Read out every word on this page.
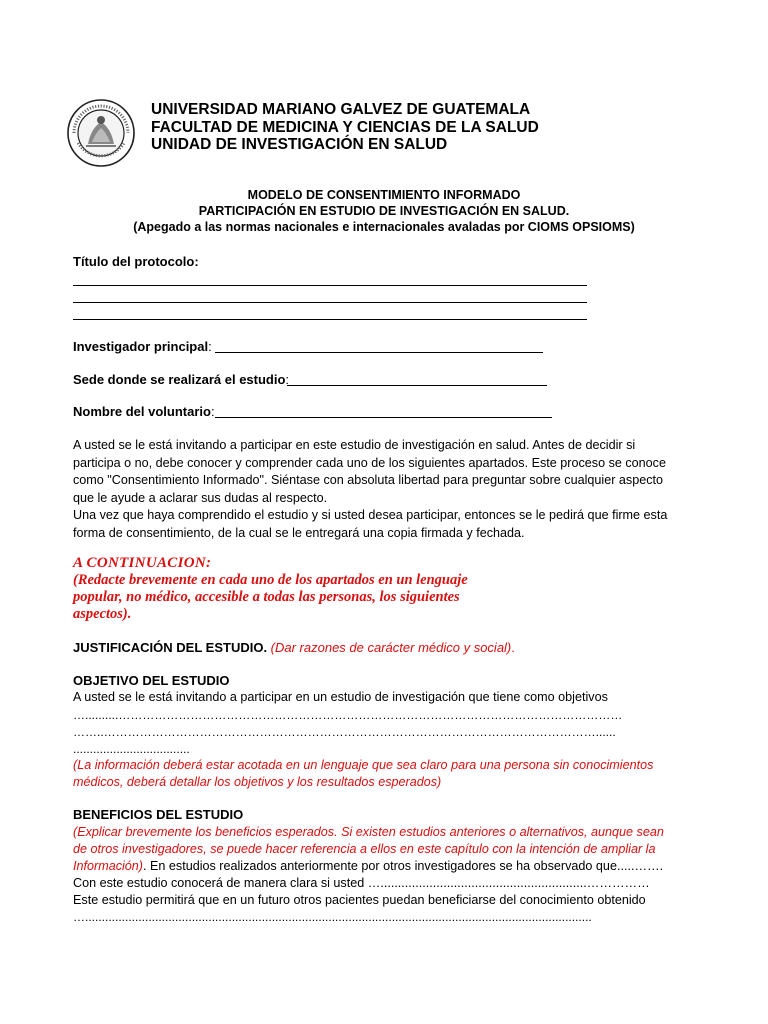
UNIVERSIDAD MARIANO GALVEZ DE GUATEMALA
FACULTAD DE MEDICINA Y CIENCIAS DE LA SALUD
UNIDAD DE INVESTIGACIÓN EN SALUD
MODELO DE CONSENTIMIENTO INFORMADO
PARTICIPACIÓN EN ESTUDIO DE INVESTIGACIÓN EN SALUD.
(Apegado a las normas nacionales e internacionales avaladas por CIOMS OPSIOMS)
Título del protocolo:
Investigador principal:
Sede donde se realizará el estudio:
Nombre del voluntario:
A usted se le está invitando a participar en este estudio de investigación en salud. Antes de decidir si
participa o no, debe conocer y comprender cada uno de los siguientes apartados. Este proceso se conoce
como "Consentimiento Informado". Siéntase con absoluta libertad para preguntar sobre cualquier aspecto
que le ayude a aclarar sus dudas al respecto.
Una vez que haya comprendido el estudio y si usted desea participar, entonces se le pedirá que firme esta
forma de consentimiento, de la cual se le entregará una copia firmada y fechada.
A CONTINUACION:
(Redacte brevemente en cada uno de los apartados en un lenguaje
popular, no médico, accesible a todas las personas, los siguientes
aspectos).
JUSTIFICACIÓN DEL ESTUDIO. (Dar razones de carácter médico y social).
OBJETIVO DEL ESTUDIO
A usted se le está invitando a participar en un estudio de investigación que tiene como objetivos
…..........………………………………………………………………………………………………………………
……..……………………………………………………………………………………………………………......
...................................
(La información deberá estar acotada en un lenguaje que sea claro para una persona sin conocimientos
médicos, deberá detallar los objetivos y los resultados esperados)
BENEFICIOS DEL ESTUDIO
(Explicar brevemente los beneficios esperados. Si existen estudios anteriores o alternativos, aunque sean
de otros investigadores, se puede hacer referencia a ellos en este capítulo con la intención de ampliar la
Información). En estudios realizados anteriormente por otros investigadores se ha observado que.....…….
Con este estudio conocerá de manera clara si usted …...........................................................……………
Este estudio permitirá que en un futuro otros pacientes puedan beneficiarse del conocimiento obtenido
…........................................................................................................................................................
